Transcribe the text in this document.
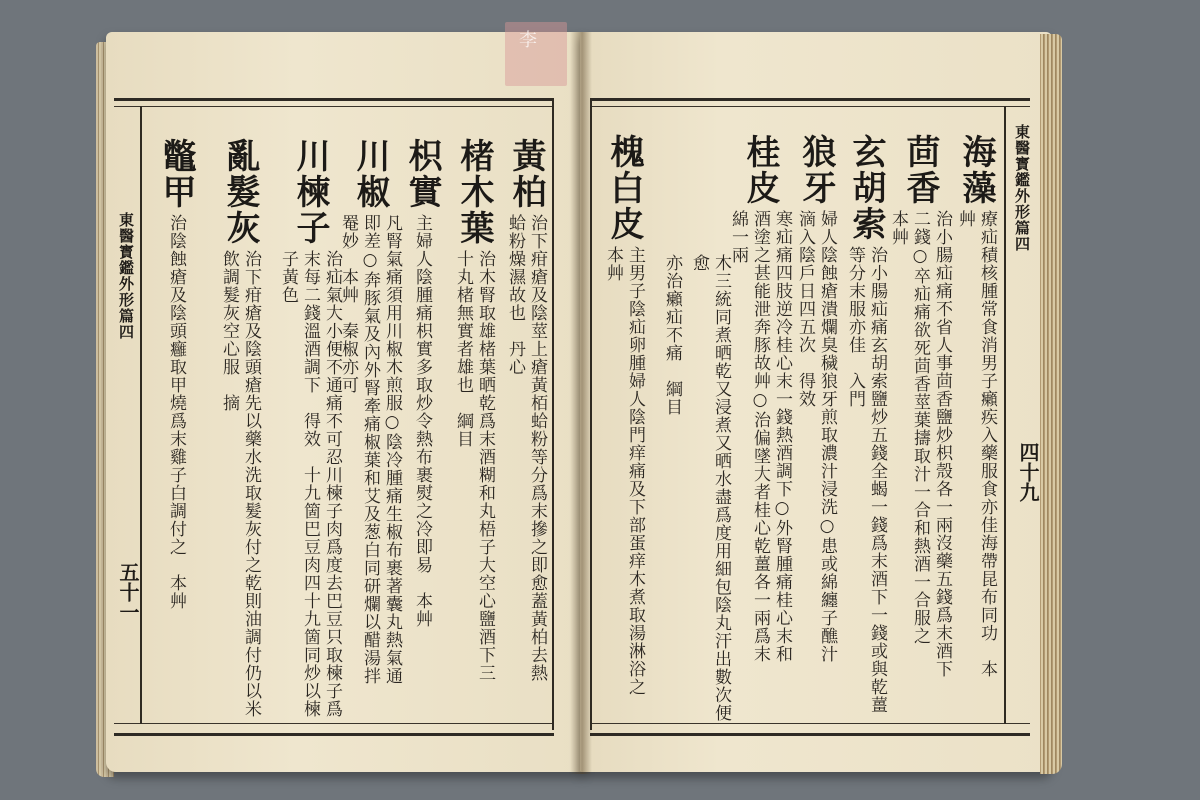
東醫寳鑑外形篇四
五十一
東醫寳鑑外形篇四
四十九
李
黃柏
治下疳瘡及陰莖上瘡黃栢蛤粉等分爲末摻之即愈蓋黃柏去熱蛤粉燥濕故也　丹心
楮木葉
治木腎取雄楮葉晒乾爲末酒糊和丸梧子大空心鹽酒下三十丸楮無實者雄也　綱目
枳實
主婦人陰腫痛枳實多取炒令熱布裹熨之冷即易　本艸
川椒
凡腎氣痛須用川椒木煎服○陰冷腫痛生椒布裹著囊丸熱氣通即差○奔豚氣及內外腎牽痛椒葉和艾及葱白同研爛以醋湯拌罨妙　本艸　秦椒亦可
川楝子
治疝氣大小便不通痛不可忍川楝子肉爲度去巴豆只取楝子爲末每二錢溫酒調下　得效　十九箇巴豆肉四十九箇同炒以楝子黃色
亂髮灰
治下疳瘡及陰頭瘡先以藥水洗取髮灰付之乾則油調付仍以米飲調髮灰空心服　摘
鼈甲
治陰蝕瘡及陰頭癰取甲燒爲末雞子白調付之　本艸
海藻
療疝積核腫常食消男子癩疾入藥服食亦佳海帶昆布同功　本艸
茴香
治小腸疝痛不省人事茴香鹽炒枳殼各一兩沒藥五錢爲末酒下二錢○卒疝痛欲死茴香莖葉擣取汁一合和熱酒一合服之　本艸
玄胡索
治小腸疝痛玄胡索鹽炒五錢全蝎一錢爲末酒下一錢或與乾薑等分末服亦佳　入門
狼牙
婦人陰蝕瘡潰爛臭穢狼牙煎取濃汁浸洗○患或綿纏子醮汁滴入陰戶日四五次　得效
桂皮
寒疝痛四肢逆冷桂心末一錢熱酒調下○外腎腫痛桂心末和酒塗之甚能泄奔豚故艸○治偏墜大者桂心乾薑各一兩爲末綿一兩
木三統同煮晒乾又浸煮又晒水盡爲度用細包陰丸汗出數次便愈
亦治癩疝不痛　綱目
槐白皮
主男子陰疝卵腫婦人陰門痒痛及下部蛋痒木煮取湯淋浴之　本艸
